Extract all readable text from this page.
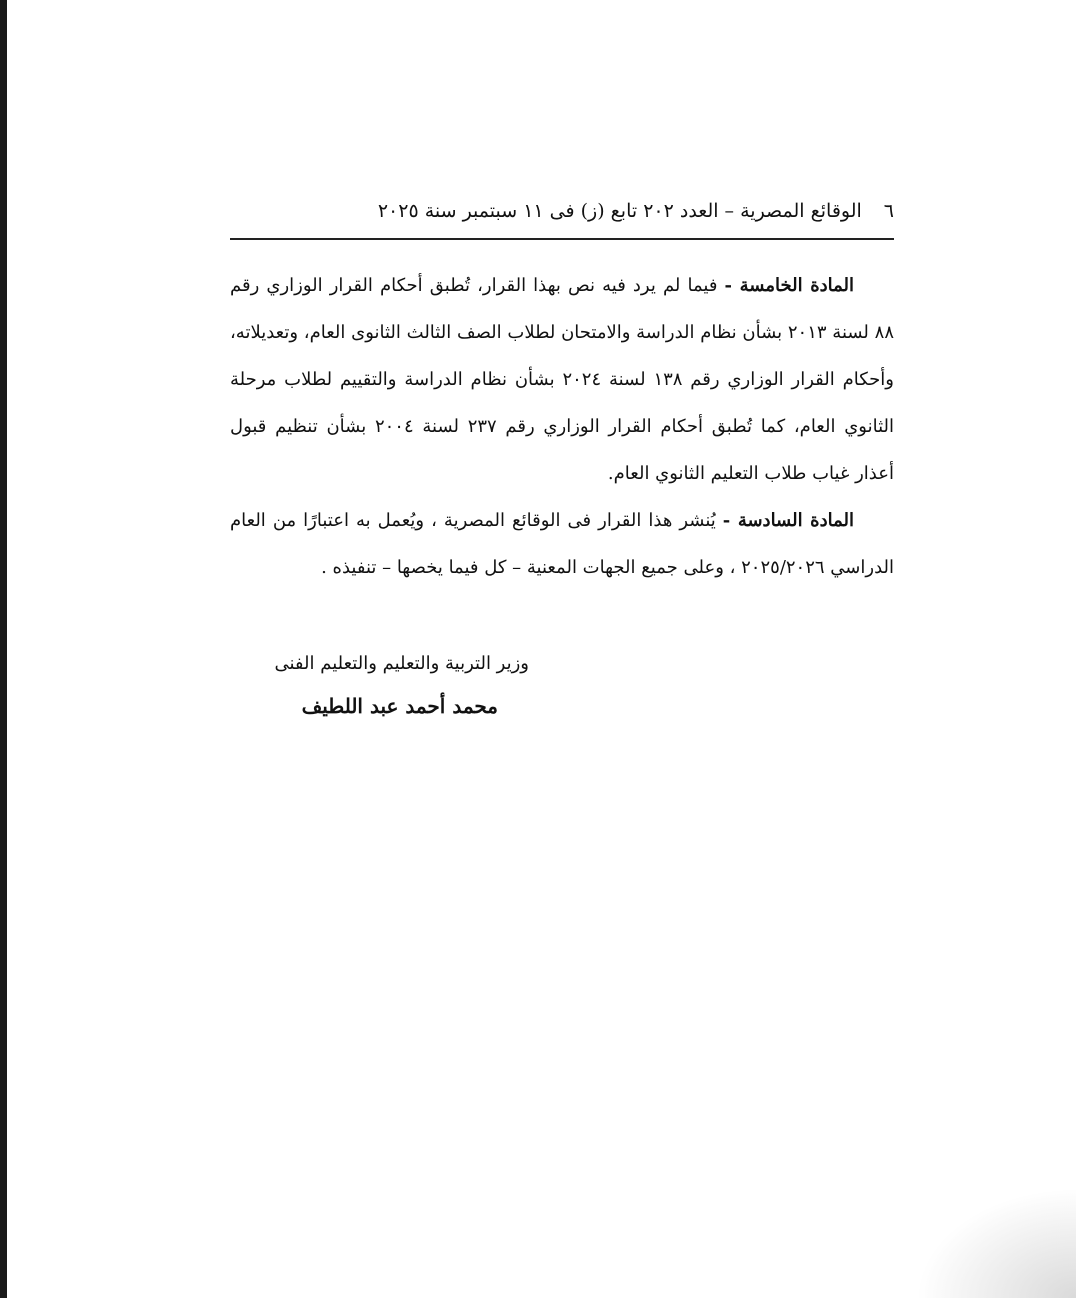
٦
الوقائع المصرية – العدد ٢٠٢ تابع (ز) فى ١١ سبتمبر سنة ٢٠٢٥

المادة الخامسة - فيما لم يرد فيه نص بهذا القرار، تُطبق أحكام القرار الوزاري رقم ٨٨ لسنة ٢٠١٣ بشأن نظام الدراسة والامتحان لطلاب الصف الثالث الثانوى العام، وتعديلاته، وأحكام القرار الوزاري رقم ١٣٨ لسنة ٢٠٢٤ بشأن نظام الدراسة والتقييم لطلاب مرحلة الثانوي العام، كما تُطبق أحكام القرار الوزاري رقم ٢٣٧ لسنة ٢٠٠٤ بشأن تنظيم قبول أعذار غياب طلاب التعليم الثانوي العام.

المادة السادسة - يُنشر هذا القرار فى الوقائع المصرية ، ويُعمل به اعتبارًا من العام الدراسي ٢٠٢٥/٢٠٢٦ ، وعلى جميع الجهات المعنية – كل فيما يخصها – تنفيذه .

وزير التربية والتعليم والتعليم الفنى
محمد أحمد عبد اللطيف
